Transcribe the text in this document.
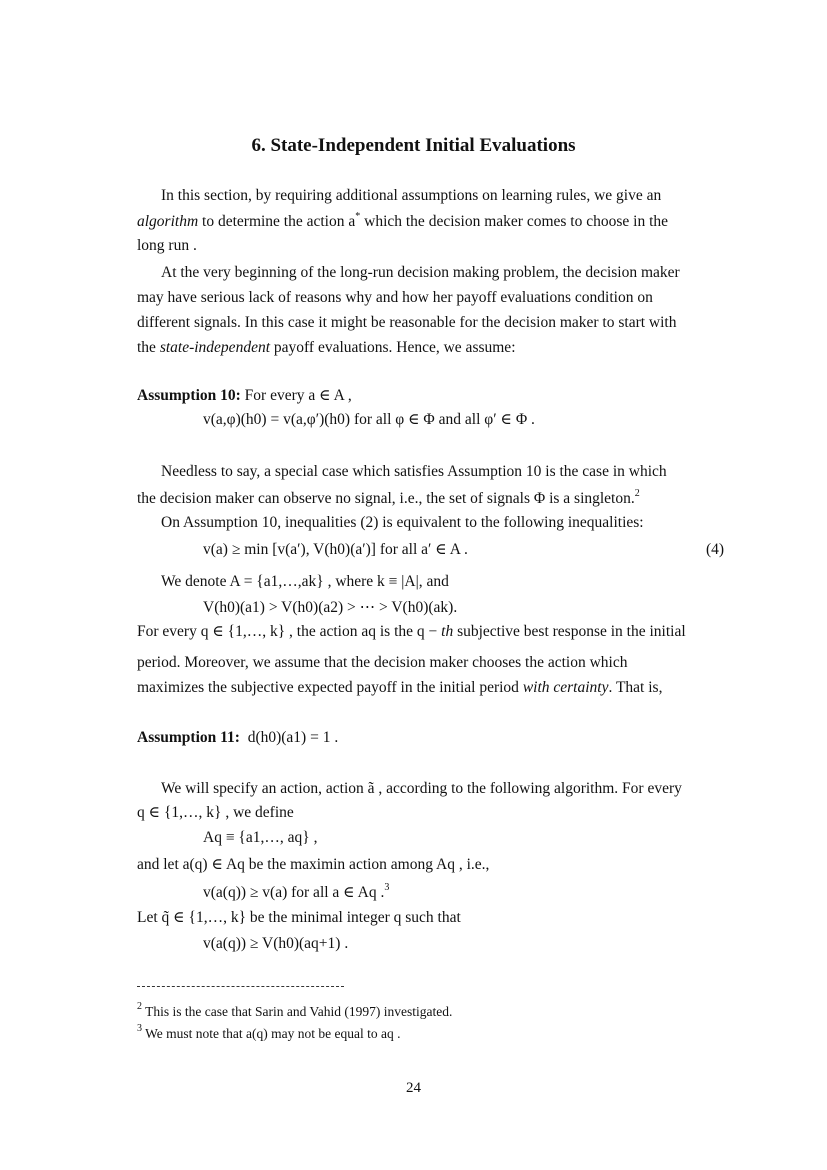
6. State-Independent Initial Evaluations
In this section, by requiring additional assumptions on learning rules, we give an
algorithm to determine the action a* which the decision maker comes to choose in the
long run .
At the very beginning of the long-run decision making problem, the decision maker
may have serious lack of reasons why and how her payoff evaluations condition on
different signals. In this case it might be reasonable for the decision maker to start with
the state-independent payoff evaluations. Hence, we assume:
Assumption 10: For every a ∈ A ,
v(a,φ)(h0) = v(a,φ′)(h0) for all φ ∈ Φ and all φ′ ∈ Φ .
Needless to say, a special case which satisfies Assumption 10 is the case in which
the decision maker can observe no signal, i.e., the set of signals Φ is a singleton.$^2$
On Assumption 10, inequalities (2) is equivalent to the following inequalities:
v(a) ≥ min [v(a′), V(h0)(a′)] for all a′ ∈ A .	(4)
We denote A = {a1,…,ak} , where k ≡ |A|, and
V(h0)(a1) > V(h0)(a2) > ⋯ > V(h0)(ak).
For every q ∈ {1,…, k} , the action aq is the q − th subjective best response in the initial
period. Moreover, we assume that the decision maker chooses the action which
maximizes the subjective expected payoff in the initial period with certainty. That is,
Assumption 11: d(h0)(a1) = 1 .
We will specify an action, action ã , according to the following algorithm. For every
q ∈ {1,…, k} , we define
Aq ≡ {a1,…, aq} ,
and let a(q) ∈ Aq be the maximin action among Aq , i.e.,
v(a(q)) ≥ v(a) for all a ∈ Aq .$^3$
Let q̃ ∈ {1,…, k} be the minimal integer q such that
v(a(q)) ≥ V(h0)(aq+1) .
$^2$ This is the case that Sarin and Vahid (1997) investigated.
$^3$ We must note that a(q) may not be equal to aq .
24
